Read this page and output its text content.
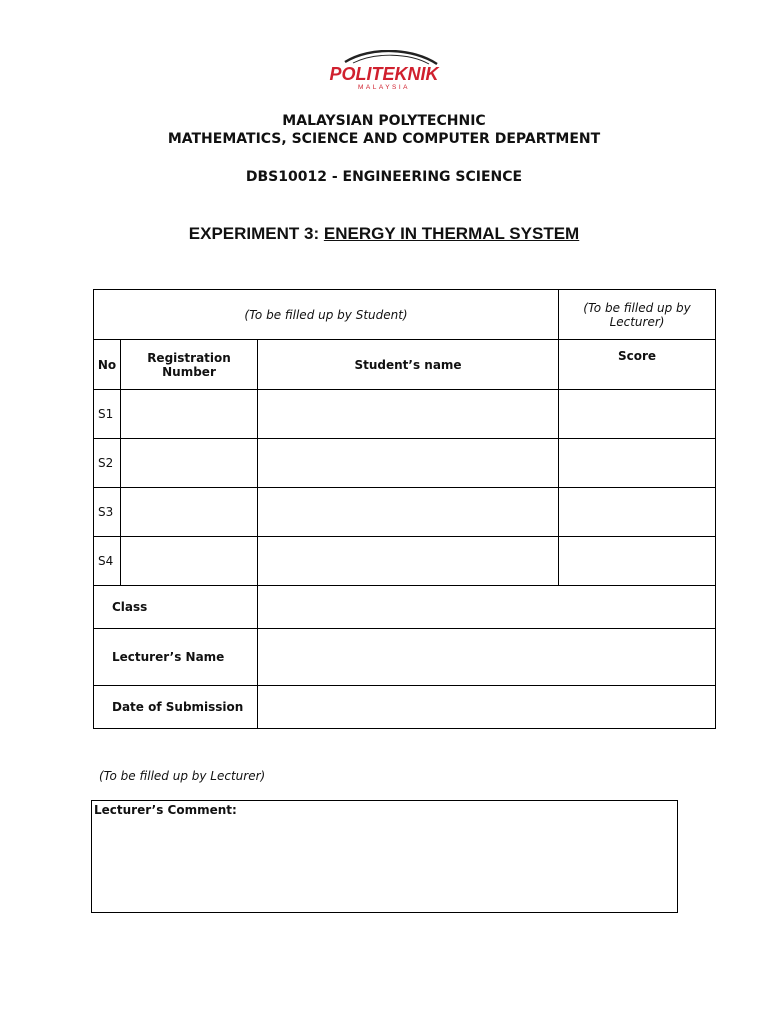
POLITEKNIK
MALAYSIA
MALAYSIAN POLYTECHNIC
MATHEMATICS, SCIENCE AND COMPUTER DEPARTMENT
DBS10012 - ENGINEERING SCIENCE
EXPERIMENT 3: ENERGY IN THERMAL SYSTEM
(To be filled up by Student)			(To be filled up by Lecturer)
No	Registration Number	Student’s name	Score
S1			
S2			
S3			
S4			
Class			
Lecturer’s Name			
Date of Submission			
(To be filled up by Lecturer)
Lecturer’s Comment:
